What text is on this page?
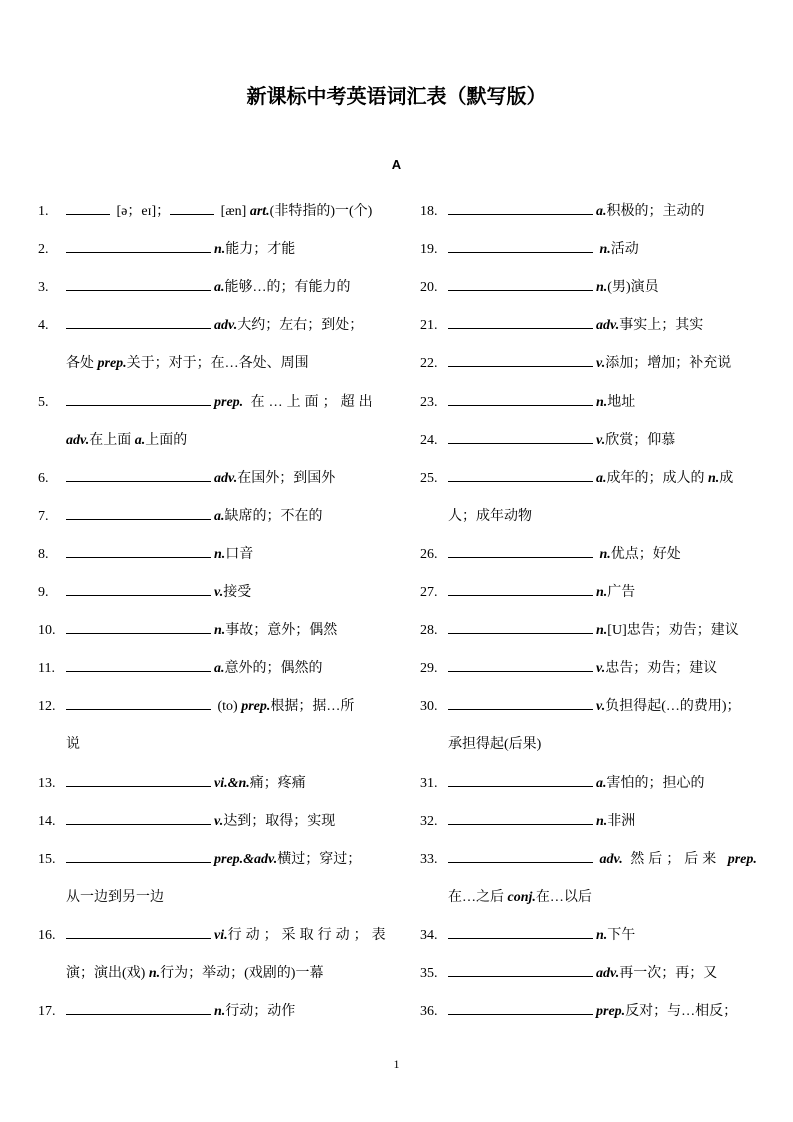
新课标中考英语词汇表（默写版）
A
1
1.	[ə；eɪ]；	[æn] art.(非特指的)一(个)
2.	n.能力；才能
3.	a.能够…的；有能力的
4.	adv.大约；左右；到处；
各处 prep.关于；对于；在…各处、周围
5.	prep. 在…上面；超出
adv.在上面 a.上面的
6.	adv.在国外；到国外
7.	a.缺席的；不在的
8.	n.口音
9.	v.接受
10.	n.事故；意外；偶然
11.	a.意外的；偶然的
12.	(to) prep.根据；据…所
说
13.	vi.&n.痛；疼痛
14.	v.达到；取得；实现
15.	prep.&adv.横过；穿过；
从一边到另一边
16.	vi.行动；采取行动；表
演；演出(戏) n.行为；举动；(戏剧的)一幕
17.	n.行动；动作
18.	a.积极的；主动的
19.	n.活动
20.	n.(男)演员
21.	adv.事实上；其实
22.	v.添加；增加；补充说
23.	n.地址
24.	v.欣赏；仰慕
25.	a.成年的；成人的 n.成
人；成年动物
26.	n.优点；好处
27.	n.广告
28.	n.[U]忠告；劝告；建议
29.	v.忠告；劝告；建议
30.	v.负担得起(…的费用)；
承担得起(后果)
31.	a.害怕的；担心的
32.	n.非洲
33.	adv. 然后；后来 prep.
在…之后 conj.在…以后
34.	n.下午
35.	adv.再一次；再；又
36.	prep.反对；与…相反；
